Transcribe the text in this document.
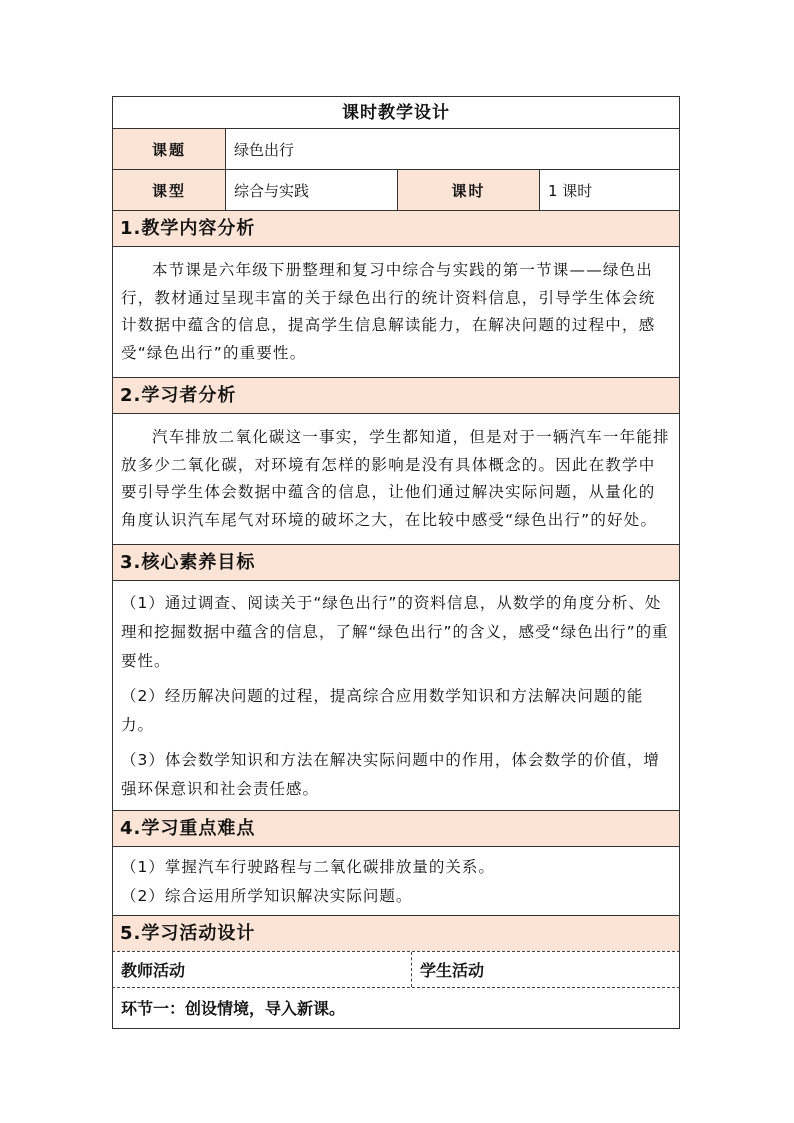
课时教学设计
课题	绿色出行
课型	综合与实践	课时	1 课时
1.教学内容分析
本节课是六年级下册整理和复习中综合与实践的第一节课——绿色出行，教材通过呈现丰富的关于绿色出行的统计资料信息，引导学生体会统计数据中蕴含的信息，提高学生信息解读能力，在解决问题的过程中，感受“绿色出行”的重要性。
2.学习者分析
汽车排放二氧化碳这一事实，学生都知道，但是对于一辆汽车一年能排放多少二氧化碳，对环境有怎样的影响是没有具体概念的。因此在教学中要引导学生体会数据中蕴含的信息，让他们通过解决实际问题，从量化的角度认识汽车尾气对环境的破坏之大，在比较中感受“绿色出行”的好处。
3.核心素养目标
（1）通过调查、阅读关于“绿色出行”的资料信息，从数学的角度分析、处理和挖掘数据中蕴含的信息，了解“绿色出行”的含义，感受“绿色出行”的重要性。
（2）经历解决问题的过程，提高综合应用数学知识和方法解决问题的能力。
（3）体会数学知识和方法在解决实际问题中的作用，体会数学的价值，增强环保意识和社会责任感。
4.学习重点难点
（1）掌握汽车行驶路程与二氧化碳排放量的关系。
（2）综合运用所学知识解决实际问题。
5.学习活动设计
教师活动	学生活动
环节一：创设情境，导入新课。
